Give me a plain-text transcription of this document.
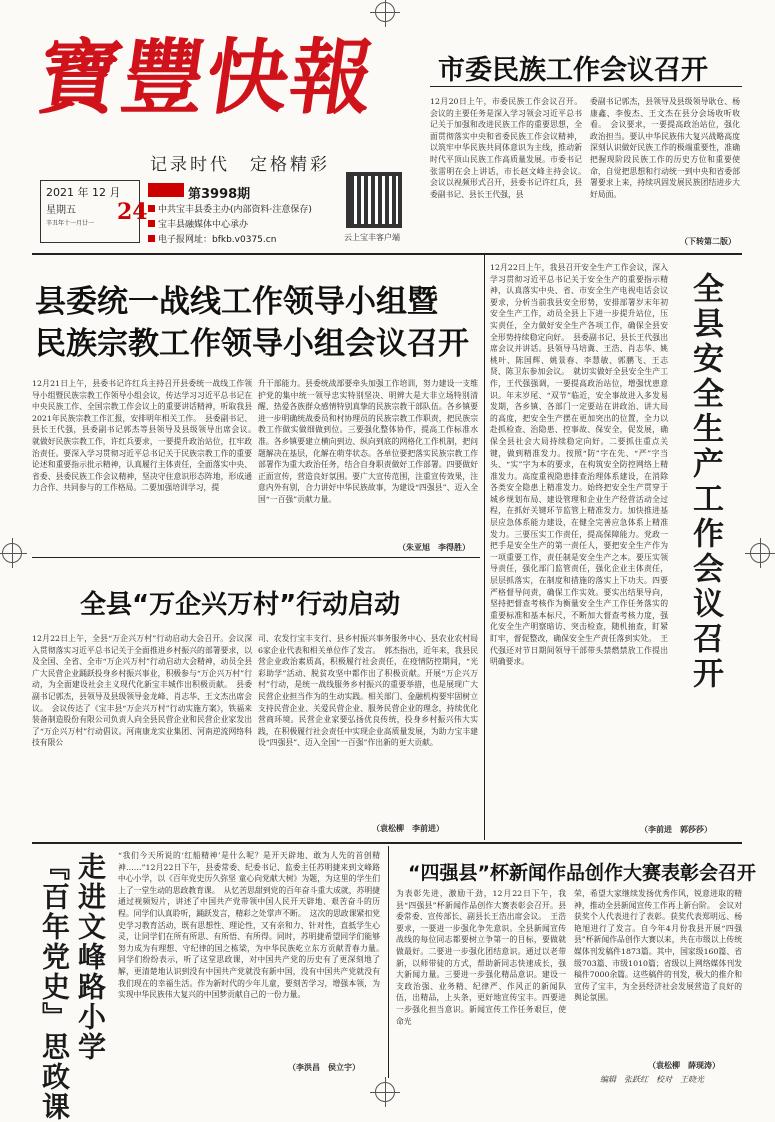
寶豐快報
记录时代　定格精彩
2021 年 12 月
星期五
辛丑年十一月廿一 24
第3998期
中共宝丰县委主办(内部资料·注意保存)
宝丰县融媒体中心承办
电子报网址：bfkb.v0375.cn	云上宝丰客户端
市委民族工作会议召开
12月20日上午，市委民族工作会议召开。会议的主要任务是深入学习领会习近平总书记关于加强和改进民族工作的重要思想，全面贯彻落实中央和省委民族工作会议精神，以筑牢中华民族共同体意识为主线，推动新时代平顶山民族工作高质量发展。市委书记张雷明在会上讲话，市长赵文峰主持会议。　会议以视频形式召开，县委书记许红兵，县委副书记、县长王代强，县
委副书记郭杰，县领导及县级领导耿仓、杨康鑫、李俊杰、王文杰在县分会场收听收看。　会议要求，一要提高政治站位，强化政治担当。要认中华民族伟大复兴战略高度深刻认识做好民族工作的极端重要性，准确把握现阶段民族工作的历史方位和重要使命，自觉把思想和行动统一到中央和省委部署要求上来，持续巩固发展民族团结进步大好局面。
（下转第二版）
县委统一战线工作领导小组暨
民族宗教工作领导小组会议召开
12月21日上午，县委书记许红兵主持召开县委统一战线工作领导小组暨民族宗教工作领导小组会议，传达学习习近平总书记在中央民族工作、全国宗教工作会议上的重要讲话精神，听取我县2021年民族宗教工作汇报，安排明年相关工作。　县委副书记、县长王代强，县委副书记郭杰等县领导及县级领导出席会议。　就做好民族宗教工作，许红兵要求，一要提升政治站位，扛牢政治责任。要深入学习贯彻习近平总书记关于民族宗教工作的重要论述和重要指示批示精神，认真履行主体责任，全面落实中央、省委、县委民族工作会议精神，坚决守住意识形态阵地，形成通力合作、共同参与的工作格局。二要加强培训学习，提
升干部能力。县委统战部要牵头加强工作培训，努力建设一支维护党的集中统一领导忠实特别坚决、明辨大是大非立场特别清醒、热爱各族群众感情特别真挚的民族宗教干部队伍。各乡镇要进一步明确统战委员和村协理员的民族宗教工作职责，把民族宗教工作做实做细做到位。三要强化整体协作，提高工作标准水准。各乡镇要建立横向到边、纵向到底的网格化工作机制，把问题解决在基层，化解在萌芽状态。各单位要把落实民族宗教工作部署作为重大政治任务，结合自身职责做好工作部署。四要做好正面宣传，营造良好氛围。要广大宣传范围，注重宣传效果，注意内外有别，合力讲好中华民族故事，为建设“四强县”、迈入全国“一百强”贡献力量。
（朱亚旭　李得胜）
全县“万企兴万村”行动启动
12月22日上午，全县“万企兴万村”行动启动大会召开。会议深入贯彻落实习近平总书记关于全面推进乡村振兴的部署要求，以及全国、全省、全市“万企兴万村”行动启动大会精神，动员全县广大民营企业踊跃投身乡村振兴事业，积极参与“万企兴万村”行动，为全面建设社会主义现代化新宝丰城作出积极贡献。　县委副书记郭杰，县领导及县级领导金龙峰、肖志华、王文杰出席会议。　会议传达了《宝丰县“万企兴万村”行动实施方案》，铁福来装备制造股份有限公司负责人向全县民营企业和民营企业家发出了“万企兴万村”行动倡议。河南康龙实业集团、河南逆流网络科技有限公
司、农发行宝丰支行、县乡村振兴事务服务中心、县农业农村局6家企业代表和相关单位作了发言。　郭杰指出，近年来，我县民营企业政治素质高，积极履行社会责任，在疫情防控期间，“光彩助学”活动、脱贫攻坚中都作出了积极贡献。开展“万企兴万村”行动，是统一战线服务乡村振兴的重要举措，也是展现广大民营企业担当作为的生动实践。相关部门、金融机构要牢固树立支持民营企业、关爱民营企业、服务民营企业的理念，持续优化营商环境。民营企业家要弘扬优良传统，投身乡村振兴伟大实践，在积极履行社会责任中实现企业高质量发展，为助力宝丰建设“四强县”、迈入全国“一百强”作出新的更大贡献。
（袁松柳　李前进）
12月22日上午，我县召开安全生产工作会议，深入学习贯彻习近平总书记关于安全生产的重要指示精神，认真落实中央、省、市安全生产电视电话会议要求，分析当前我县安全形势，安排部署岁末年初安全生产工作，动员全县上下进一步提升站位，压实责任，全力做好安全生产各项工作，确保全县安全形势持续稳定向好。　县委副书记、县长王代强出席会议并讲话。县领导马培冀、王浩、肖志华、姚桃叶、陈国辉、姚景春、李慧敏、郭鹏飞、王志贤、陈卫东参加会议。　就切实做好全县安全生产工作，王代强强调，一要提高政治站位，增强忧患意识。年末岁尾、“双节”临近，安全事故进入多发易发期，各乡镇、各部门一定要站在讲政治、讲大局的高度，把安全生产摆在更加突出的位置，全力以赴抓检查、治隐患、控事故、保安全，促发展，确保全县社会大局持续稳定向好。二要抓住重点关键，做到精准发力。按照“防”字在先、“严”字当头、“实”字为本的要求，在构筑安全防控网络上精准发力。高度重视隐患排查治理体系建设，在消除各类安全隐患上精准发力。始终把安全生产贯穿于城乡规划布局、建设管理和企业生产经营活动全过程，在抓好关键环节监管上精准发力。加快推进基层应急体系能力建设，在健全完善应急体系上精准发力。三要压实工作责任，提高保障能力。党政一把手是安全生产的第一责任人，要把安全生产作为一项重要工作，责任制是安全生产之本。要压实领导责任，强化部门监管责任，强化企业主体责任，层层抓落实，在制度和措施的落实上下功夫。四要严格督导问责，确保工作实效。要实出结果导向，坚持把督查考核作为衡量安全生产工作任务落实的重要标准和基本标尺，不断加大督查考核力度，强化安全生产明察暗访、突击检查，随机抽查，盯紧盯牢，督促整改，确保安全生产责任落到实处。　王代强还对节日期间领导干部带头禁燃禁放工作提出明确要求。	全县安全生产工作会议召开
（李前进　郭莎莎）
走进文峰路小学
『百年党史』思政课	“我们今天所说的‘红船精神’是什么呢？是开天辟地、敢为人先的首创精神……”12月22日下午，县委常委、纪委书记、监委主任苏明捷来到文峰路中心小学，以《百年党史历久弥坚 童心向党献大树》为题，为这里的学生们上了一堂生动的思政教育课。　从忆苦思甜到党的百年奋斗重大成就，苏明捷通过视频短片，讲述了中国共产党带领中国人民开天辟地、艰苦奋斗的历程。同学们认真聆听，踊跃发言，精彩之处掌声不断。　这次的思政课紧扣党史学习教育活动，既有思想性、理论性，又有亲和力、针对性，直抵学生心灵，让同学们在所有所思、有所悟、有所得。同时，苏明捷希望同学们能够努力成为有理想、守纪律的国之栋梁，为中华民族屹立东方贡献青春力量。　同学们纷纷表示，听了这堂思政课，对中国共产党的历史有了更深刻地了解，更清楚地认识到没有中国共产党就没有新中国，没有中国共产党就没有我们现在的幸福生活。作为新时代的少年儿童，要刻苦学习，增强本领，为实现中华民族伟大复兴的中国梦贡献自己的一份力量。
（李洪昌　侯立宇）
“四强县”杯新闻作品创作大赛表彰会召开
为表彰先进，激励干劲，12月22日下午，我县“四强县”杯新闻作品创作大赛表彰会召开。县委常委、宣传部长、副县长王浩出席会议。　王浩要求，一要进一步强化争先意识。全县新闻宣传战线的每位同志都要树立争第一的目标，要做就做最好。二要进一步强化团结意识。通过以老带新，以师带徒的方式，帮助新同志快速成长，强大新闻力量。三要进一步强化精品意识。建设一支政治强、业务精、纪律严、作风正的新闻队伍，出精品，上头条，更好地宣传宝丰。四要进一步强化担当意识。新闻宣传工作任务艰巨，使命光
荣，希望大家继续发扬优秀作风，锐意进取的精神，推动全县新闻宣传工作再上新台阶。　会议对获奖个人代表进行了表彰。获奖代表郑明远、杨艳旭进行了发言。自今年4月份我县开展“四强县”杯新闻作品创作大赛以来，共在市级以上传统媒体刊发稿件1873篇。其中，国家级160篇、省级703篇、市级1010篇；省级以上网络媒体刊发稿件7000余篇。这些稿件的刊发，极大的推介和宣传了宝丰，为全县经济社会发展营造了良好的舆论氛围。
（袁松柳　薛现涛）
编辑　张跃红　校对　王晓光
